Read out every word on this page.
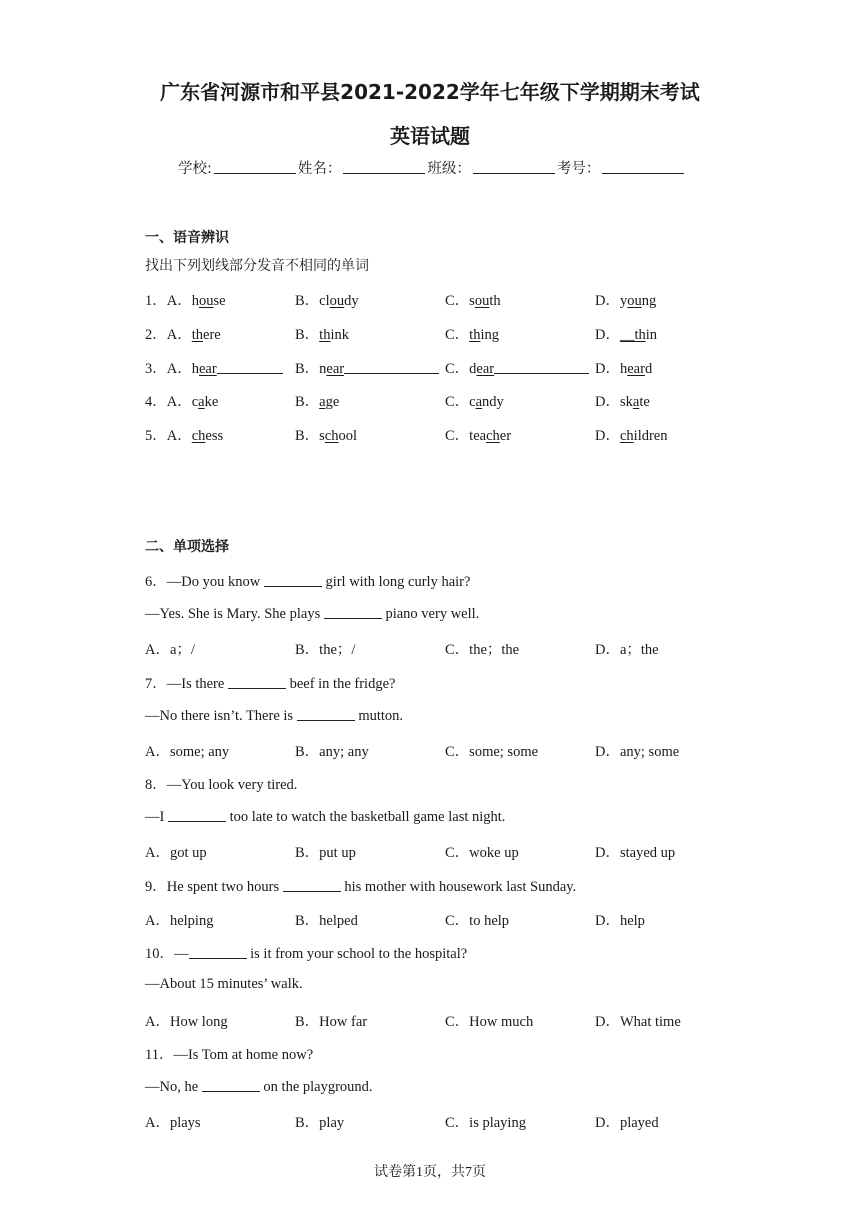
广东省河源市和平县2021-2022学年七年级下学期期末考试
英语试题
学校:	姓名：	班级：	考号：
一、语音辨识
找出下列划线部分发音不相同的单词
1．A．house	B．cloudy	C．south	D．young
2．A．there	B．think	C．thing	D．__thin
3．A．hear	B．near	C．dear	D．heard
4．A．cake	B．age	C．candy	D．skate
5．A．chess	B．school	C．teacher	D．children
二、单项选择
6．—Do you know	girl with long curly hair?
—Yes. She is Mary. She plays	piano very well.
A．a；/	B．the；/	C．the；the	D．a；the
7．—Is there	beef in the fridge?
—No there isn’t. There is	mutton.
A．some; any	B．any; any	C．some; some	D．any; some
8．—You look very tired.
—I	too late to watch the basketball game last night.
A．got up	B．put up	C．woke up	D．stayed up
9．He spent two hours	his mother with housework last Sunday.
A．helping	B．helped	C．to help	D．help
10．—	is it from your school to the hospital?
—About 15 minutes’ walk.
A．How long	B．How far	C．How much	D．What time
11．—Is Tom at home now?
—No, he	on the playground.
A．plays	B．play	C．is playing	D．played
试卷第1页，共7页
